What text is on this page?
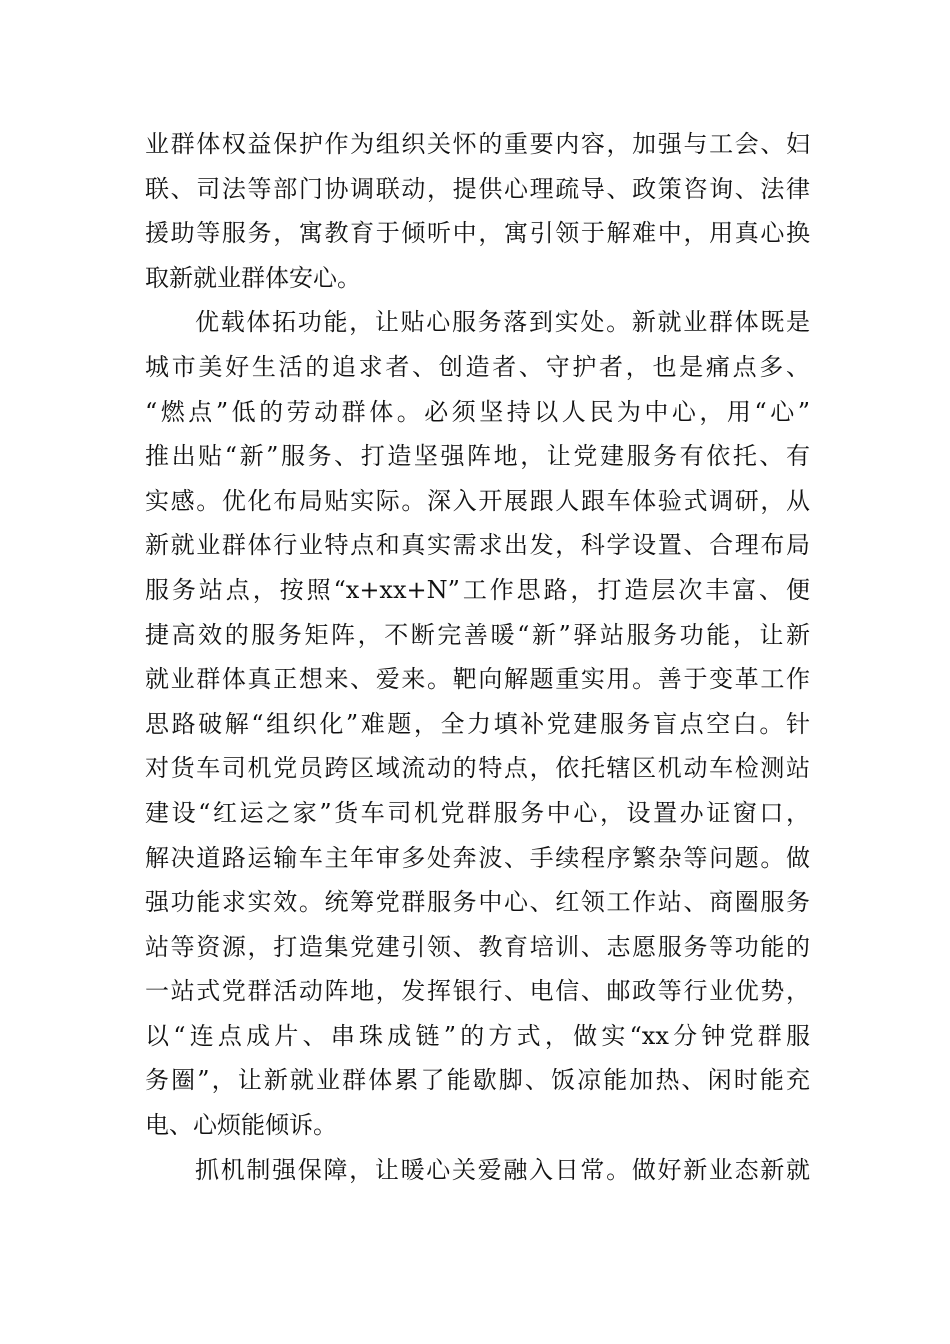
业群体权益保护作为组织关怀的重要内容，加强与工会、妇
联、司法等部门协调联动，提供心理疏导、政策咨询、法律
援助等服务，寓教育于倾听中，寓引领于解难中，用真心换
取新就业群体安心。
优载体拓功能，让贴心服务落到实处。新就业群体既是
城市美好生活的追求者、创造者、守护者，也是痛点多、
“燃点”低的劳动群体。必须坚持以人民为中心，用“心”
推出贴“新”服务、打造坚强阵地，让党建服务有依托、有
实感。优化布局贴实际。深入开展跟人跟车体验式调研，从
新就业群体行业特点和真实需求出发，科学设置、合理布局
服务站点，按照“x+xx+N”工作思路，打造层次丰富、便
捷高效的服务矩阵，不断完善暖“新”驿站服务功能，让新
就业群体真正想来、爱来。靶向解题重实用。善于变革工作
思路破解“组织化”难题，全力填补党建服务盲点空白。针
对货车司机党员跨区域流动的特点，依托辖区机动车检测站
建设“红运之家”货车司机党群服务中心，设置办证窗口，
解决道路运输车主年审多处奔波、手续程序繁杂等问题。做
强功能求实效。统筹党群服务中心、红领工作站、商圈服务
站等资源，打造集党建引领、教育培训、志愿服务等功能的
一站式党群活动阵地，发挥银行、电信、邮政等行业优势，
以“连点成片、串珠成链”的方式，做实“xx分钟党群服
务圈”，让新就业群体累了能歇脚、饭凉能加热、闲时能充
电、心烦能倾诉。
抓机制强保障，让暖心关爱融入日常。做好新业态新就
